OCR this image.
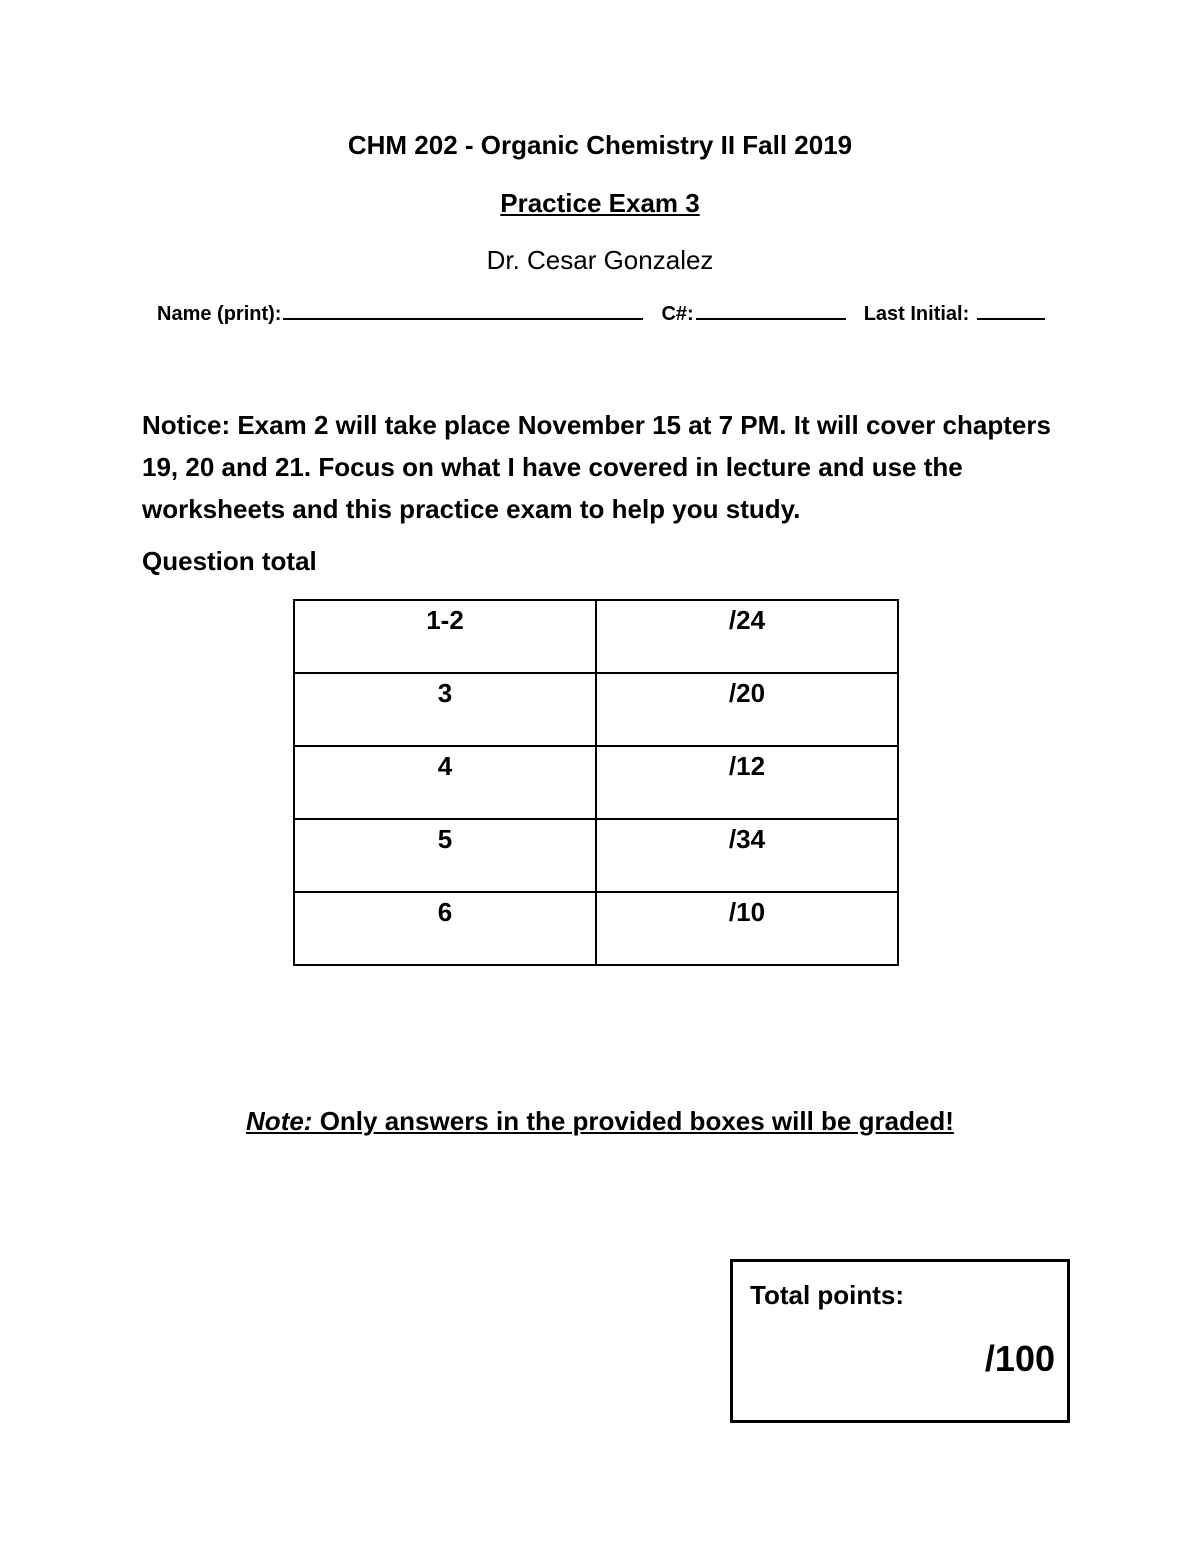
CHM 202 - Organic Chemistry II Fall 2019
Practice Exam 3
Dr. Cesar Gonzalez
Name (print):	C#:	Last Initial:
Notice: Exam 2 will take place November 15 at 7 PM. It will cover chapters 19, 20 and 21. Focus on what I have covered in lecture and use the worksheets and this practice exam to help you study.
Question total
1-2	/24
3	/20
4	/12
5	/34
6	/10
Note: Only answers in the provided boxes will be graded!
Total points:
/100
